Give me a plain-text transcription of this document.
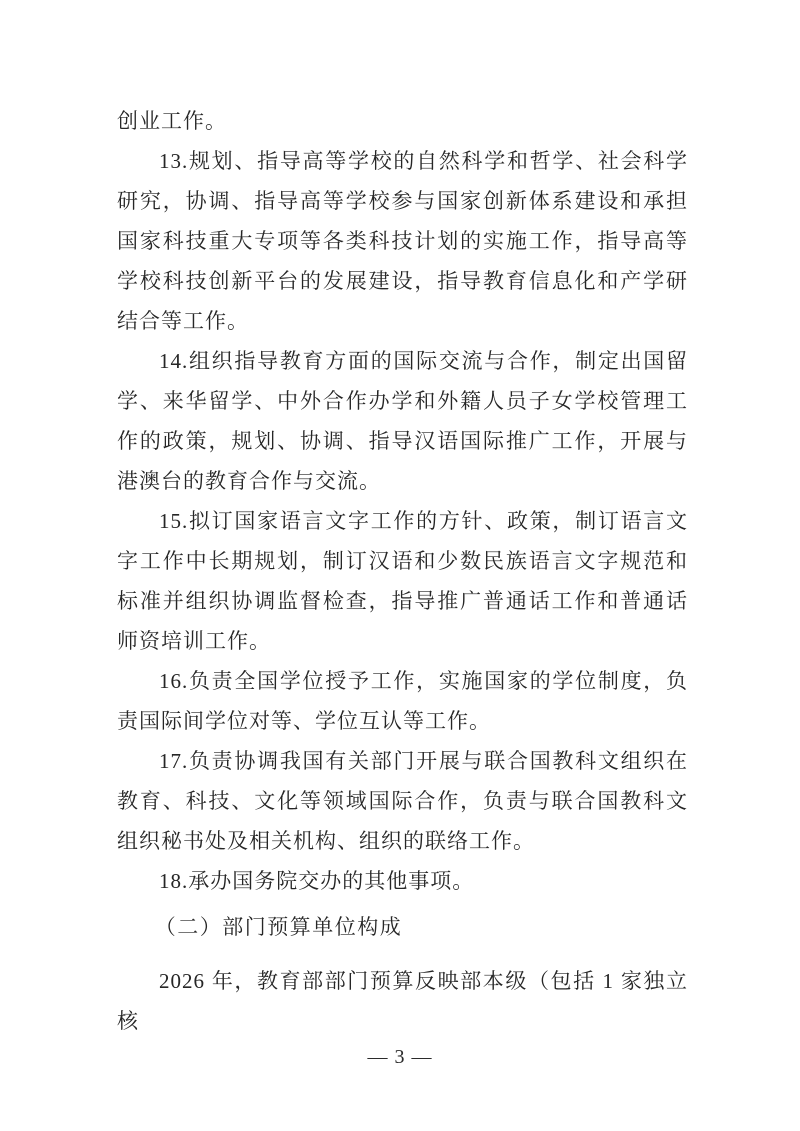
创业工作。

13.规划、指导高等学校的自然科学和哲学、社会科学研究，协调、指导高等学校参与国家创新体系建设和承担国家科技重大专项等各类科技计划的实施工作，指导高等学校科技创新平台的发展建设，指导教育信息化和产学研结合等工作。

14.组织指导教育方面的国际交流与合作，制定出国留学、来华留学、中外合作办学和外籍人员子女学校管理工作的政策，规划、协调、指导汉语国际推广工作，开展与港澳台的教育合作与交流。

15.拟订国家语言文字工作的方针、政策，制订语言文字工作中长期规划，制订汉语和少数民族语言文字规范和标准并组织协调监督检查，指导推广普通话工作和普通话师资培训工作。

16.负责全国学位授予工作，实施国家的学位制度，负责国际间学位对等、学位互认等工作。

17.负责协调我国有关部门开展与联合国教科文组织在教育、科技、文化等领域国际合作，负责与联合国教科文组织秘书处及相关机构、组织的联络工作。

18.承办国务院交办的其他事项。

（二）部门预算单位构成

2026 年，教育部部门预算反映部本级（包括 1 家独立核

— 3 —
